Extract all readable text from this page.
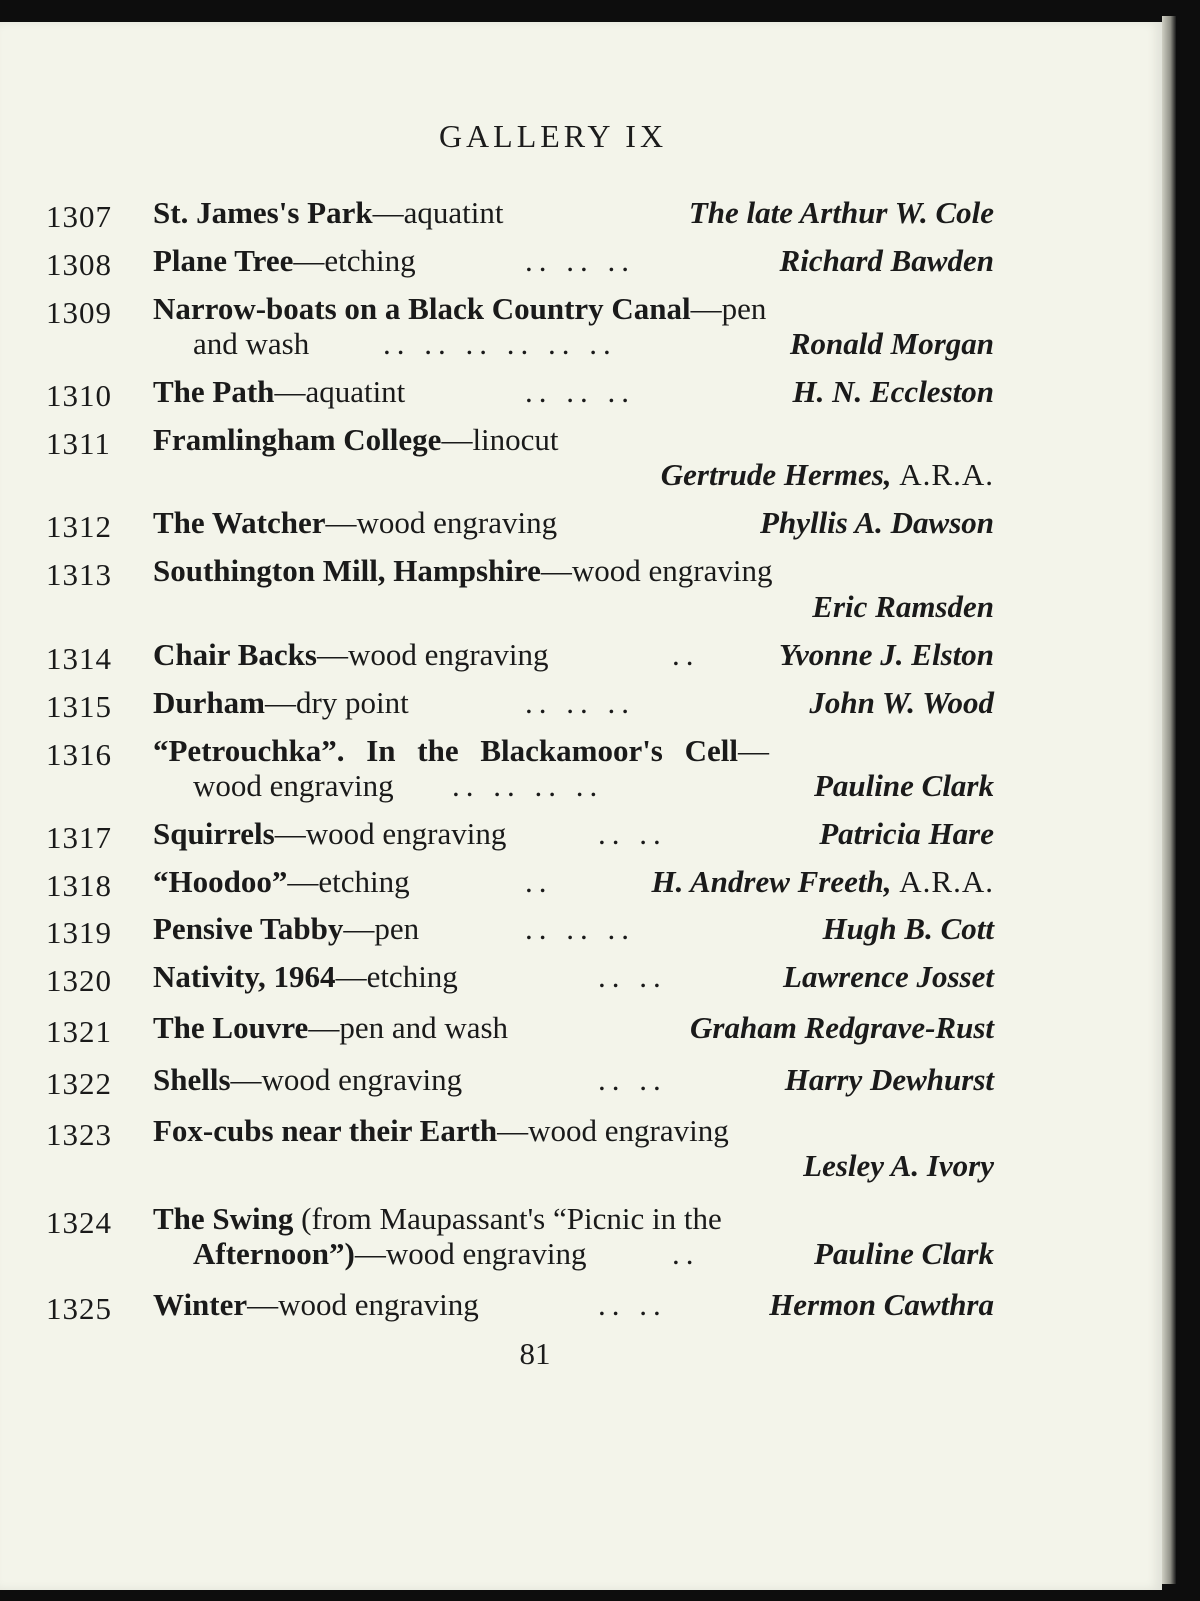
GALLERY IX
1307 St. James's Park—aquatint	The late Arthur W. Cole
1308 Plane Tree—etching	.. .. ..	Richard Bawden
1309 Narrow-boats on a Black Country Canal—pen
and wash .. .. .. .. .. ..	Ronald Morgan
1310 The Path—aquatint	.. .. ..	H. N. Eccleston
1311 Framlingham College—linocut
Gertrude Hermes, A.R.A.
1312 The Watcher—wood engraving	Phyllis A. Dawson
1313 Southington Mill, Hampshire—wood engraving
Eric Ramsden
1314 Chair Backs—wood engraving	..	Yvonne J. Elston
1315 Durham—dry point	.. .. ..	John W. Wood
1316 “Petrouchka”. In the Blackamoor's Cell—
wood engraving .. .. .. ..	Pauline Clark
1317 Squirrels—wood engraving	.. ..	Patricia Hare
1318 “Hoodoo”—etching	..	H. Andrew Freeth, A.R.A.
1319 Pensive Tabby—pen	.. .. ..	Hugh B. Cott
1320 Nativity, 1964—etching	.. ..	Lawrence Josset
1321 The Louvre—pen and wash	Graham Redgrave-Rust
1322 Shells—wood engraving	.. ..	Harry Dewhurst
1323 Fox-cubs near their Earth—wood engraving
Lesley A. Ivory
1324 The Swing (from Maupassant's “Picnic in the
Afternoon”)—wood engraving	..	Pauline Clark
1325 Winter—wood engraving	.. ..	Hermon Cawthra
81
